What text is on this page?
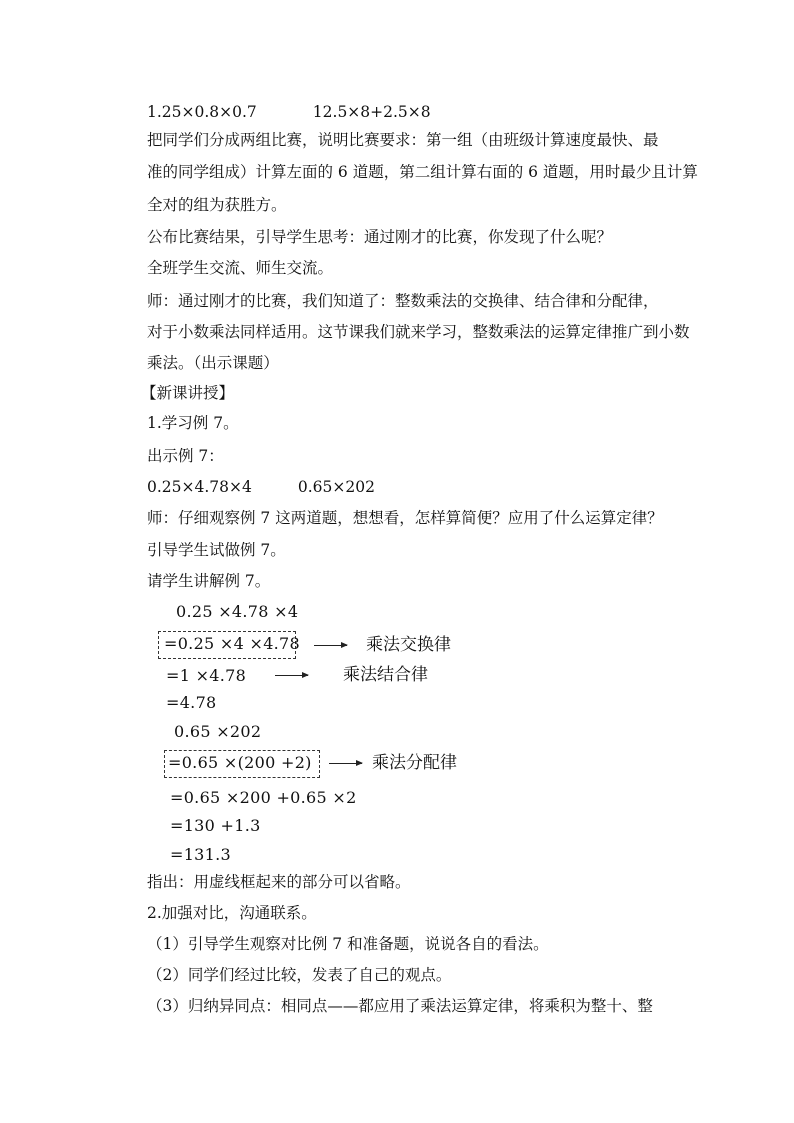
1.25×0.8×0.7	12.5×8+2.5×8
把同学们分成两组比赛，说明比赛要求：第一组（由班级计算速度最快、最
准的同学组成）计算左面的 6 道题，第二组计算右面的 6 道题，用时最少且计算
全对的组为获胜方。
公布比赛结果，引导学生思考：通过刚才的比赛，你发现了什么呢？
全班学生交流、师生交流。
师：通过刚才的比赛，我们知道了：整数乘法的交换律、结合律和分配律，
对于小数乘法同样适用。这节课我们就来学习，整数乘法的运算定律推广到小数
乘法。（出示课题）
【新课讲授】
1.学习例 7。
出示例 7：
0.25×4.78×4	0.65×202
师：仔细观察例 7 这两道题，想想看，怎样算简便？应用了什么运算定律？
引导学生试做例 7。
请学生讲解例 7。
0.25 ×4.78 ×4
=0.25 ×4 ×4.78	乘法交换律
=1 ×4.78	乘法结合律
=4.78
0.65 ×202
=0.65 ×(200 +2)	乘法分配律
=0.65 ×200 +0.65 ×2
=130 +1.3
=131.3
指出：用虚线框起来的部分可以省略。
2.加强对比，沟通联系。
（1）引导学生观察对比例 7 和准备题，说说各自的看法。
（2）同学们经过比较，发表了自己的观点。
（3）归纳异同点：相同点——都应用了乘法运算定律，将乘积为整十、整
